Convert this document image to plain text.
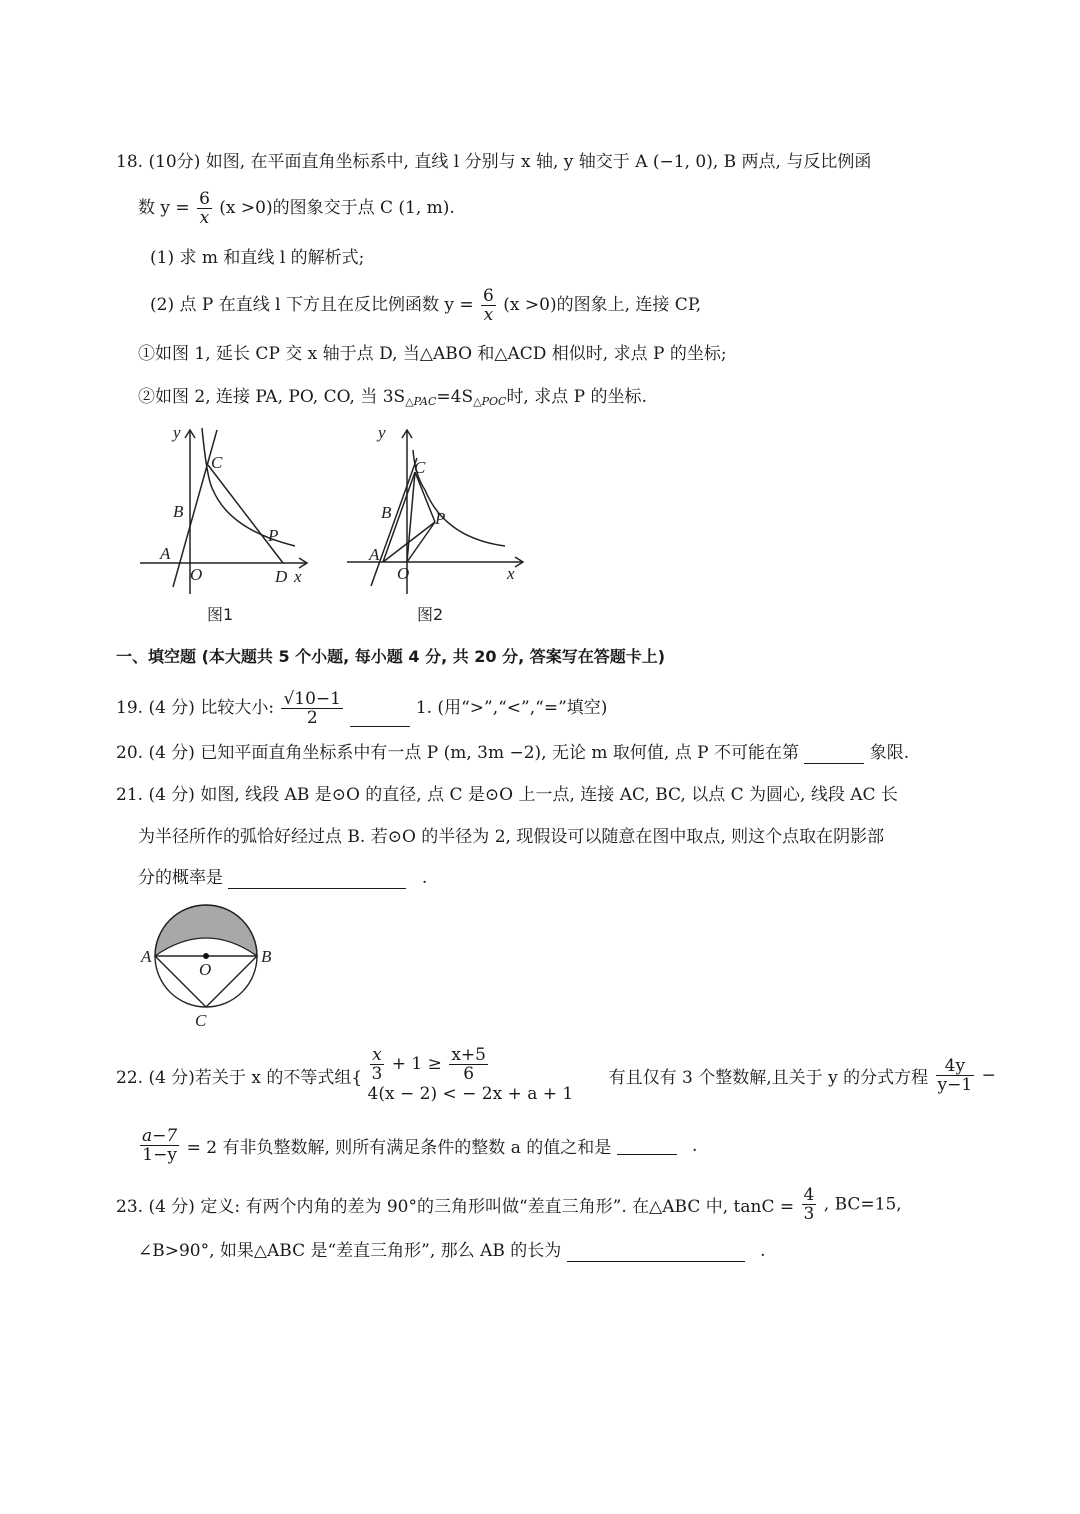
18. (10分) 如图, 在平面直角坐标系中, 直线 l 分别与 x 轴, y 轴交于 A (−1, 0), B 两点, 与反比例函
数 $y = \frac{6}{x} (x >0)$的图象交于点 C (1, m).
(1) 求 m 和直线 l 的解析式;
(2) 点 P 在直线 l 下方且在反比例函数 $y = \frac{6}{x} (x >0)$的图象上, 连接 CP,
①如图 1, 延长 CP 交 x 轴于点 D, 当△ABO 和△ACD 相似时, 求点 P 的坐标;
②如图 2, 连接 PA, PO, CO, 当 $3S_{\triangle PAC}=4S_{\triangle POC}$时, 求点 P 的坐标.
y
C
B
P
A
O	D x
图1
y
C
B	P
A
O	x
图2
一、填空题 (本大题共 5 个小题, 每小题 4 分, 共 20 分, 答案写在答题卡上)
19. (4 分) 比较大小: $\frac{√10-1}{2}$	1. (用“>”,“<”,“=”填空)
20. (4 分) 已知平面直角坐标系中有一点 P (m, 3m −2), 无论 m 取何值, 点 P 不可能在第	象限.
21. (4 分) 如图, 线段 AB 是⊙O 的直径, 点 C 是⊙O 上一点, 连接 AC, BC, 以点 C 为圆心, 线段 AC 长
为半径所作的弧恰好经过点 B. 若⊙O 的半径为 2, 现假设可以随意在图中取点, 则这个点取在阴影部
分的概率是	.
A
O
B
C
22. (4 分)若关于 x 的不等式组{ $\frac{x}{3} + 1 \ge \frac{x+5}{6}$
4(x − 2) < − 2x + a + 1
有且仅有 3 个整数解,且关于 y 的分式方程 $\frac{4y}{y-1}$ −
$\frac{a-7}{1-y} = 2$ 有非负整数解, 则所有满足条件的整数 a 的值之和是	.
23. (4 分) 定义: 有两个内角的差为 90°的三角形叫做“差直三角形”. 在△ABC 中, $\tan C = \frac{4}{3}$ , BC=15,
∠B>90°, 如果△ABC 是“差直三角形”, 那么 AB 的长为	.
